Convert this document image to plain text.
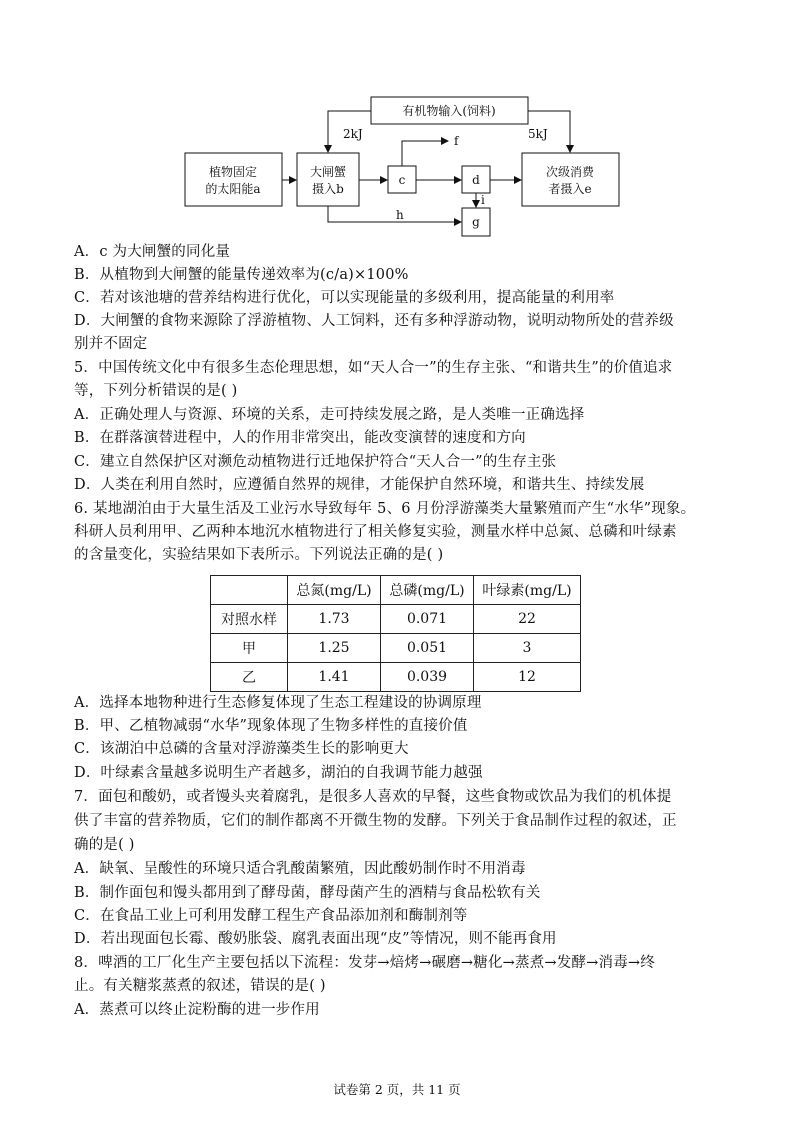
植物固定
的太阳能a
大闸蟹
摄入b
c	d
g
次级消费
者摄入e
有机物输入(饲料)
2kJ	5kJ
f
h
i
A．c 为大闸蟹的同化量
B．从植物到大闸蟹的能量传递效率为(c/a)×100%
C．若对该池塘的营养结构进行优化，可以实现能量的多级利用，提高能量的利用率
D．大闸蟹的食物来源除了浮游植物、人工饲料，还有多种浮游动物，说明动物所处的营养级
别并不固定
5．中国传统文化中有很多生态伦理思想，如“天人合一”的生存主张、“和谐共生”的价值追求
等，下列分析错误的是( )
A．正确处理人与资源、环境的关系，走可持续发展之路，是人类唯一正确选择
B．在群落演替进程中，人的作用非常突出，能改变演替的速度和方向
C．建立自然保护区对濒危动植物进行迁地保护符合“天人合一”的生存主张
D．人类在利用自然时，应遵循自然界的规律，才能保护自然环境，和谐共生、持续发展
6. 某地湖泊由于大量生活及工业污水导致每年 5、6 月份浮游藻类大量繁殖而产生“水华”现象。
科研人员利用甲、乙两种本地沉水植物进行了相关修复实验，测量水样中总氮、总磷和叶绿素
的含量变化，实验结果如下表所示。下列说法正确的是( )
	总氮(mg/L)	总磷(mg/L)	叶绿素(mg/L)
对照水样	1.73	0.071	22
甲	1.25	0.051	3
乙	1.41	0.039	12
A．选择本地物种进行生态修复体现了生态工程建设的协调原理
B．甲、乙植物减弱“水华”现象体现了生物多样性的直接价值
C．该湖泊中总磷的含量对浮游藻类生长的影响更大
D．叶绿素含量越多说明生产者越多，湖泊的自我调节能力越强
7．面包和酸奶，或者馒头夹着腐乳，是很多人喜欢的早餐，这些食物或饮品为我们的机体提
供了丰富的营养物质，它们的制作都离不开微生物的发酵。下列关于食品制作过程的叙述，正
确的是( )
A．缺氧、呈酸性的环境只适合乳酸菌繁殖，因此酸奶制作时不用消毒
B．制作面包和馒头都用到了酵母菌，酵母菌产生的酒精与食品松软有关
C．在食品工业上可利用发酵工程生产食品添加剂和酶制剂等
D．若出现面包长霉、酸奶胀袋、腐乳表面出现“皮”等情况，则不能再食用
8．啤酒的工厂化生产主要包括以下流程：发芽→焙烤→碾磨→糖化→蒸煮→发酵→消毒→终
止。有关糖浆蒸煮的叙述，错误的是( )
A．蒸煮可以终止淀粉酶的进一步作用
试卷第 2 页，共 11 页
